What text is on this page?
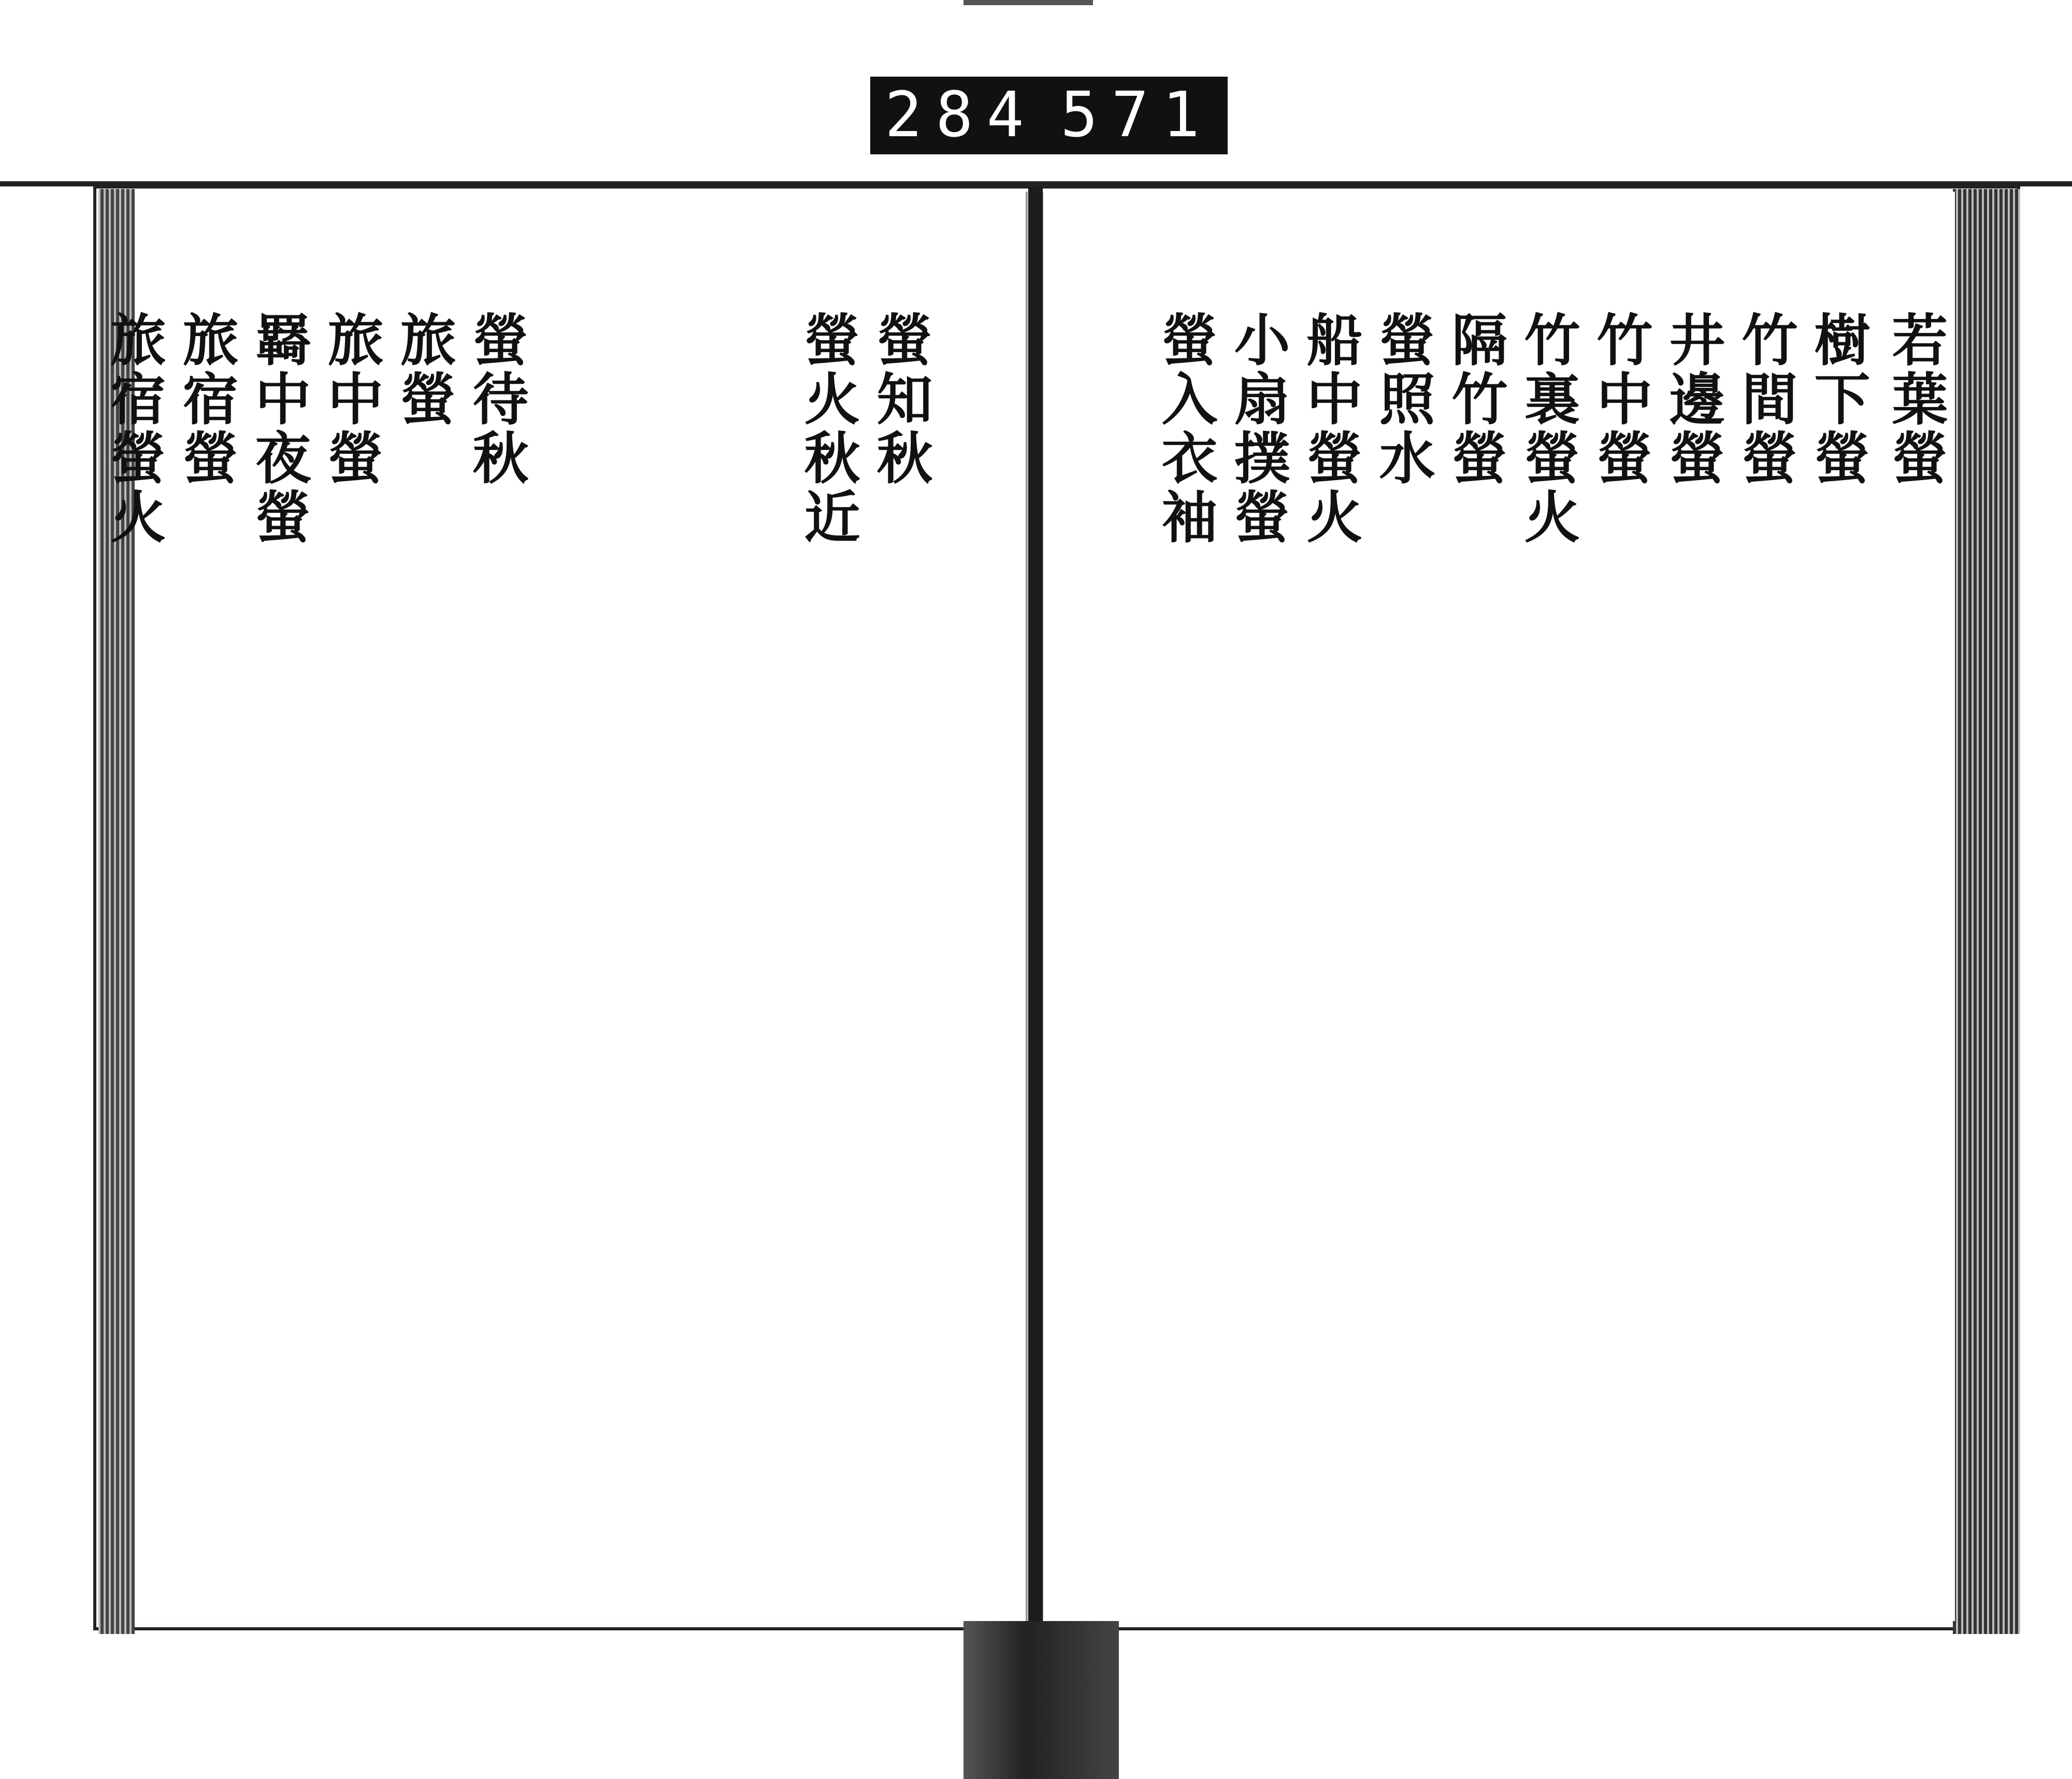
284 571
若葉螢
樹下螢
竹間螢
井邊螢
竹中螢
竹裏螢火
隔竹螢
螢照水
船中螢火
小扇撲螢
螢入衣袖
螢知秋
螢火秋近
螢待秋
旅螢
旅中螢
羇中夜螢
旅宿螢
旅宿螢火
